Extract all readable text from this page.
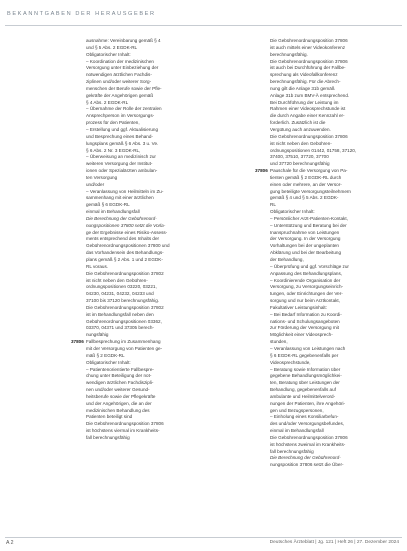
BEKANNTGABEN DER HERAUSGEBER

ausnahme: Vereinbarung gemäß § 4

und § 5 Abs. 2 EGDK-RL

Obligatorischer Inhalt:

– Koordination der medizinischen

Versorgung unter Einbeziehung der

notwendigen ärztlichen Fachdis-

ziplinen und/oder weiterer Sorg-

menschen der Berufe sowie der Pfle-

gekräfte der Angehörigen gemäß

§ 4 Abs. 2 EGDK-RL

– Übernahme der Rolle der zentralen

Ansprechperson im Versorgungs-

prozess für den Patienten,

– Erstellung und ggf. Aktualisierung

und Besprechung eines Behand-

lungsplans gemäß § 6 Abs. 3 u. Ve.

§ 6 Abs. 2 Nr. 3 EGDK-RL,

– Überweisung an medizinisch zur

weiteren Versorgung der Institut-

ionen oder Spezialärzten ambulan-

ten Versorgung

und/oder

– Veranlassung von Heilmitteln im Zu-

sammenhang mit einer ärztlichen

gemäß § 6 EGDK-RL

einmal im Behandlungsfall

Die Berechnung der Gebührenord-

nungspositionen 37800 setzt die Vorla-

ge der Ergebnisse eines Risiko-Assess-

ments entsprechend des Inhalts der

Gebührenordnungspositionen 37800 und

das Vorhandensein des Behandlungs-

plans gemäß § 2 Abs. 1 und 2 EGDK-

RL voraus.

Die Gebührenordnungsposition 37802

ist nicht neben den Gebühren-

ordnungspositionen 03220, 03221,

04230, 04231, 04232, 04233 und

37100 bis 37120 berechnungsfähig.

Die Gebührenordnungsposition 37802

ist im Behandlungsfall neben den

Gebührenordnungspositionen 03362,

03370, 04371 und 37305 berech-

nungsfähig

Fallbesprechung im Zusammenhang

mit der Versorgung von Patienten ge-

mäß § 2 EGDK-RL

Obligatorischer Inhalt:

– Patientenorientierte Fallbespre-

chung unter Beteiligung der not-

wendigen ärztlichen Fachdiszipli-

nen und/oder weiterer Gesund-

heitsberufe sowie der Pflegekräfte

und der Angehörigen, die an der

medizinischen Behandlung des

Patienten beteiligt sind

Die Gebührenordnungsposition 37806

ist höchstens viermal im Krankheits-

fall berechnungsfähig

Die Gebührenordnungsposition 37806

ist auch mittels einer Videokonferenz

berechnungsfähig.

Die Gebührenordnungsposition 37806

ist auch bei Durchführung der Fallbe-

sprechung als Videofallkonferenz

berechnungsfähig. Für die Abrech-

nung gilt die Anlage 31b gemäß

Anlage 31b zum BMV-Ä entsprechend.

Bei Durchführung der Leistung im

Rahmen einer Videosprechstunde ist

die durch Angabe einer Kennzahl er-

forderlich. Zusätzlich ist die

Vergütung auch anzuwenden.

Die Gebührenordnungsposition 37806

ist nicht neben den Gebühren-

ordnungspositionen 01442, 01758, 37120,

37400, 37510, 37720, 37700

und 37720 berechnungsfähig

Pauschale für die Versorgung von Pa-

tienten gemäß § 2 EGDK-RL durch

einen oder mehrere, an der Versor-

gung beteiligte Versorgungsteilnehmern

gemäß § 4 und § 5 Abs. 2 EGDK-

RL

Obligatorischer Inhalt:

– Persönlicher Arzt-Patienten-Kontakt,

– Unterstützung und Beratung bei der

Inanspruchnahme von Leistungen

der Versorgung. In der Versorgung

Vorhaltungen bei der ungeplanten

Abklärung und bei der Bearbeitung

der Behandlung,

– Überprüfung und ggf. Vorschläge zur

Anpassung des Behandlungsplans,

– Koordinierende Organisation der

Versorgung, zu Versorgungseinrich-

tungen, oder Einrichtungen der Ver-

sorgung und nur beim Arztkontakt,

Fakultativer Leistungsinhalt:

– Bei Bedarf Information zu Koordi-

nations- und Schulungsangeboten

zur Förderung der Versorgung mit

Möglichkeit einer Videosprech-

stunden,

– Veranlassung von Leistungen nach

§ 6 EGDK-RL gegebenenfalls per

Videosprechstunde,

– Beratung sowie Information über

gegebene Behandlungsmöglichkei-

ten, Beratung über Leistungen der

Behandlung, gegebenenfalls auf

ambulante und Heilmittelverord-

nungen der Patienten, ihre Angehöri-

gen und Bezugspersonen,

– Einholung eines Konsiliarbefun-

des und/oder Versorgungsbefundes,

einmal im Behandlungsfall

Die Gebührenordnungsposition 37806

ist höchstens zweimal im Krankheits-

fall berechnungsfähig

Die Berechnung der Gebührenord-

nungsposition 37806 setzt die Über-

A 2	Deutsches Ärzteblatt | Jg. 121 | Heft 26 | 27. Dezember 2024
37806
37806
